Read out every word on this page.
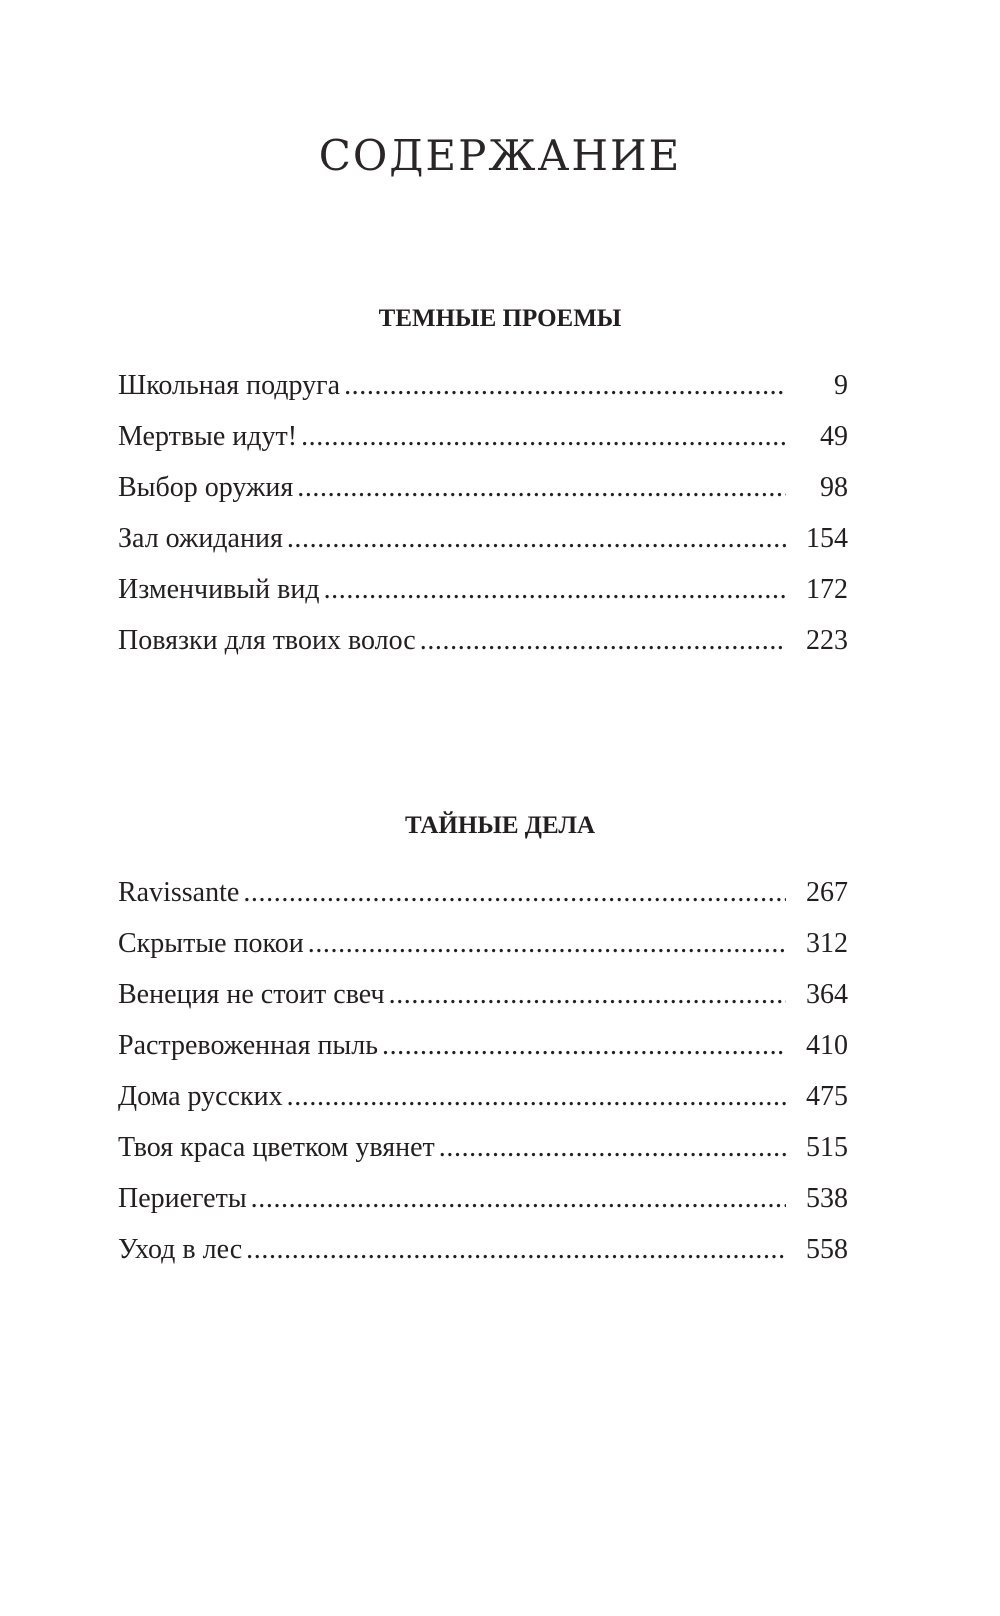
СОДЕРЖАНИЕ
ТЕМНЫЕ ПРОЕМЫ
Школьная подруга . . .	9
Мертвые идут! . . .	49
Выбор оружия . . .	98
Зал ожидания . . .	154
Изменчивый вид . . .	172
Повязки для твоих волос . . .	223
ТАЙНЫЕ ДЕЛА
Ravissante . . .	267
Скрытые покои . . .	312
Венеция не стоит свеч . . .	364
Растревоженная пыль . . .	410
Дома русских . . .	475
Твоя краса цветком увянет . . .	515
Периегеты . . .	538
Уход в лес . . .	558
